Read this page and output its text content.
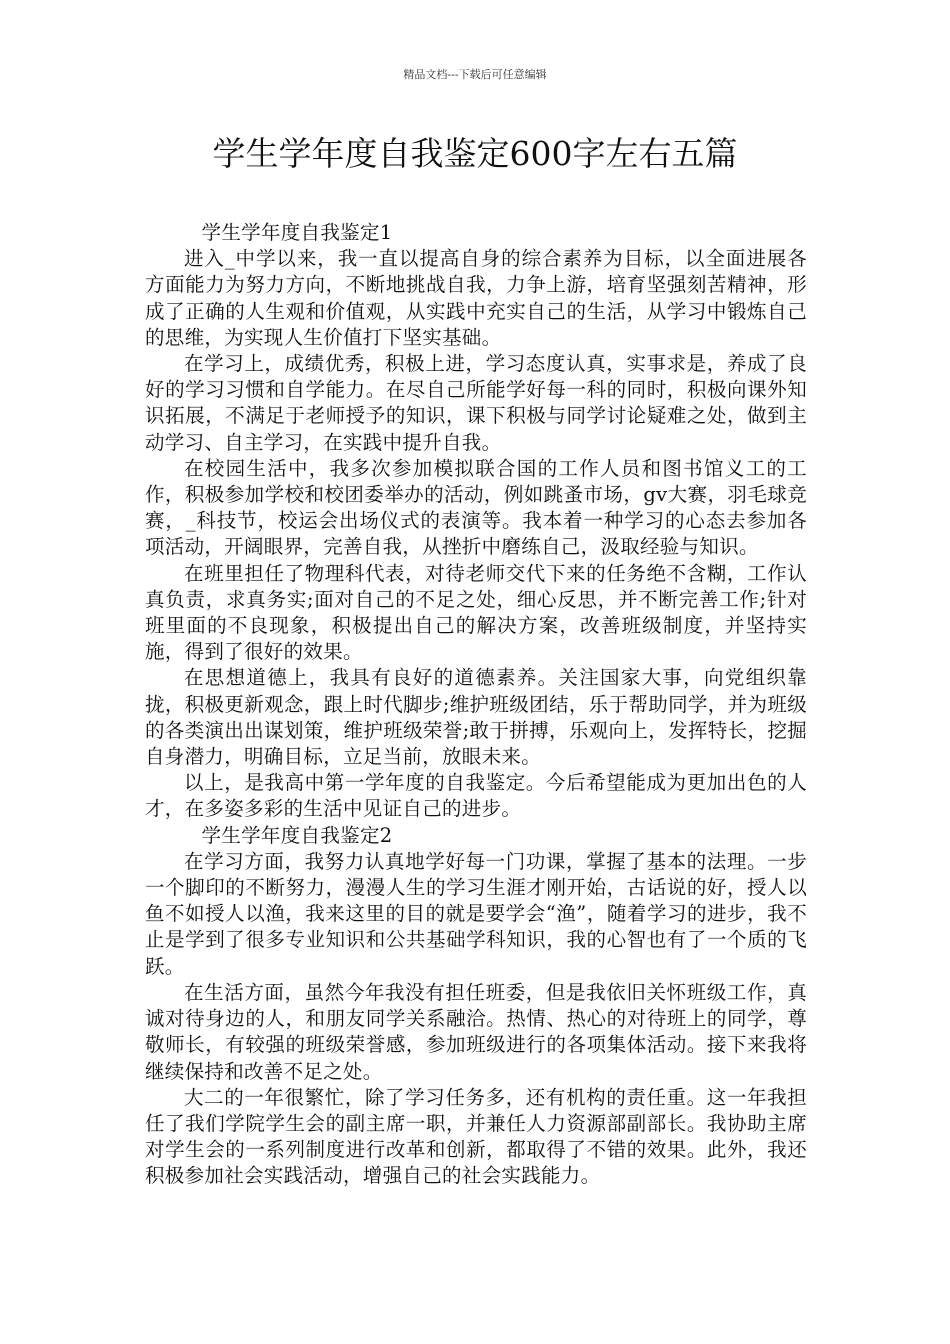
精品文档---下载后可任意编辑
学生学年度自我鉴定600字左右五篇

学生学年度自我鉴定1

进入_中学以来，我一直以提高自身的综合素养为目标，以全面进展各方面能力为努力方向，不断地挑战自我，力争上游，培育坚强刻苦精神，形成了正确的人生观和价值观，从实践中充实自己的生活，从学习中锻炼自己的思维，为实现人生价值打下坚实基础。

在学习上，成绩优秀，积极上进，学习态度认真，实事求是，养成了良好的学习习惯和自学能力。在尽自己所能学好每一科的同时，积极向课外知识拓展，不满足于老师授予的知识，课下积极与同学讨论疑难之处，做到主动学习、自主学习，在实践中提升自我。

在校园生活中，我多次参加模拟联合国的工作人员和图书馆义工的工作，积极参加学校和校团委举办的活动，例如跳蚤市场，gv大赛，羽毛球竞赛，_科技节，校运会出场仪式的表演等。我本着一种学习的心态去参加各项活动，开阔眼界，完善自我，从挫折中磨练自己，汲取经验与知识。

在班里担任了物理科代表，对待老师交代下来的任务绝不含糊，工作认真负责，求真务实;面对自己的不足之处，细心反思，并不断完善工作;针对班里面的不良现象，积极提出自己的解决方案，改善班级制度，并坚持实施，得到了很好的效果。

在思想道德上，我具有良好的道德素养。关注国家大事，向党组织靠拢，积极更新观念，跟上时代脚步;维护班级团结，乐于帮助同学，并为班级的各类演出出谋划策，维护班级荣誉;敢于拼搏，乐观向上，发挥特长，挖掘自身潜力，明确目标，立足当前，放眼未来。

以上，是我高中第一学年度的自我鉴定。今后希望能成为更加出色的人才，在多姿多彩的生活中见证自己的进步。

学生学年度自我鉴定2

在学习方面，我努力认真地学好每一门功课，掌握了基本的法理。一步一个脚印的不断努力，漫漫人生的学习生涯才刚开始，古话说的好，授人以鱼不如授人以渔，我来这里的目的就是要学会“渔”，随着学习的进步，我不止是学到了很多专业知识和公共基础学科知识，我的心智也有了一个质的飞跃。

在生活方面，虽然今年我没有担任班委，但是我依旧关怀班级工作，真诚对待身边的人，和朋友同学关系融洽。热情、热心的对待班上的同学，尊敬师长，有较强的班级荣誉感，参加班级进行的各项集体活动。接下来我将继续保持和改善不足之处。

大二的一年很繁忙，除了学习任务多，还有机构的责任重。这一年我担任了我们学院学生会的副主席一职，并兼任人力资源部副部长。我协助主席对学生会的一系列制度进行改革和创新，都取得了不错的效果。此外，我还积极参加社会实践活动，增强自己的社会实践能力。
